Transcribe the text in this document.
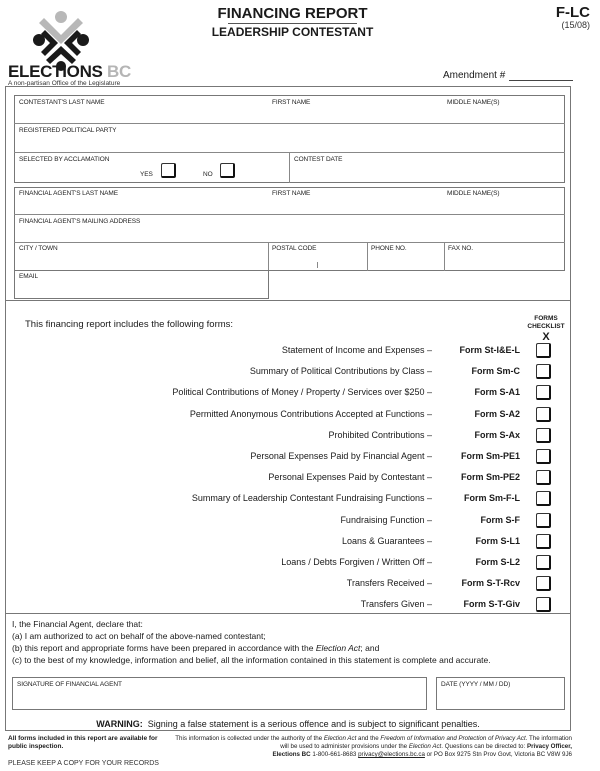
ELECTIONS BC
A non-partisan Office of the Legislature
FINANCING REPORT
LEADERSHIP CONTESTANT
F-LC
(15/08)
Amendment #
CONTESTANT'S LAST NAME	FIRST NAME	MIDDLE NAME(S)
REGISTERED POLITICAL PARTY
SELECTED BY ACCLAMATION
YES	NO
CONTEST DATE
FINANCIAL AGENT'S LAST NAME	FIRST NAME	MIDDLE NAME(S)
FINANCIAL AGENT'S MAILING ADDRESS
CITY / TOWN	POSTAL CODE	PHONE NO.	FAX NO.
EMAIL
This financing report includes the following forms:
FORMS
CHECKLIST
X
Statement of Income and Expenses –	Form St-I&E-L
Summary of Political Contributions by Class –	Form Sm-C
Political Contributions of Money / Property / Services over $250 –	Form S-A1
Permitted Anonymous Contributions Accepted at Functions –	Form S-A2
Prohibited Contributions –	Form S-Ax
Personal Expenses Paid by Financial Agent –	Form Sm-PE1
Personal Expenses Paid by Contestant –	Form Sm-PE2
Summary of Leadership Contestant Fundraising Functions –	Form Sm-F-L
Fundraising Function –	Form S-F
Loans & Guarantees –	Form S-L1
Loans / Debts Forgiven / Written Off –	Form S-L2
Transfers Received –	Form S-T-Rcv
Transfers Given –	Form S-T-Giv
I, the Financial Agent, declare that:
(a) I am authorized to act on behalf of the above-named contestant;
(b) this report and appropriate forms have been prepared in accordance with the Election Act; and
(c) to the best of my knowledge, information and belief, all the information contained in this statement is complete and accurate.
SIGNATURE OF FINANCIAL AGENT	DATE (YYYY / MM / DD)
WARNING: Signing a false statement is a serious offence and is subject to significant penalties.
All forms included in this report are available for
public inspection.
This information is collected under the authority of the Election Act and the Freedom of Information and Protection of Privacy Act. The information will be used to administer provisions under the Election Act. Questions can be directed to: Privacy Officer,
Elections BC 1-800-661-8683 privacy@elections.bc.ca or PO Box 9275 Stn Prov Govt, Victoria BC V8W 9J6
PLEASE KEEP A COPY FOR YOUR RECORDS
